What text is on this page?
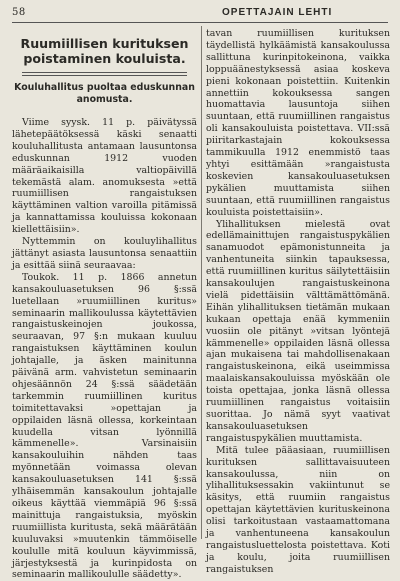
58	OPETTAJAIN LEHTI
Ruumiillisen kurituksen
poistaminen kouluista.
Kouluhallitus puoltaa eduskunnan
anomusta.

Viime syysk. 11 p. päivätyssä lähetepäätöksessä käski senaatti kouluhallitusta antamaan lausuntonsa eduskunnan 1912 vuoden määräaikaisilla valtiopäivillä tekemästä alam. anomuksesta »että ruumiillisen rangaistuksen käyttäminen valtion varoilla pitämissä ja kannattamissa kouluissa kokonaan kiellettäisiin».

Nyttemmin on kouluylihallitus jättänyt asiasta lausuntonsa senaattiin ja esittää siinä seuraavaa:

Toukok. 11 p. 1866 annetun kansakouluasetuksen 96 §:ssä luetellaan »ruumiillinen kuritus» seminaarin mallikoulussa käytettävien rangaistuskeinojen joukossa, seuraavan, 97 §:n mukaan kuuluu rangaistuksen käyttäminen koulun johtajalle, ja äsken mainitunna päivänä arm. vahvistetun seminaarin ohjesäännön 24 §:ssä säädetään tarkemmin ruumiillinen kuritus toimitettavaksi »opettajan ja oppilaiden läsnä ollessa, korkeintaan kuudella vitsan lyönnillä kämmenelle». Varsinaisiin kansakouluihin nähden taas myönnetään voimassa olevan kansakouluasetuksen 141 §:ssä ylhäisemmän kansakoulun johtajalle oikeus käyttää viemmäpiä 96 §:ssä mainittuja rangaistuksia, myöskin ruumiillista kuritusta, sekä määrätään kuuluvaksi »muutenkin tämmöiselle koululle mitä kouluun käyvimmissä, järjestyksestä ja kurinpidosta on seminaarin mallikoululle säädetty».

tavan ruumiillisen kurituksen täydellistä hylkäämistä kansakoulussa sallittuna kurinpitokeinona, vaikka loppuäänestyksessä asiaa koskeva pieni kokonaan poistettiin. Kuitenkin annettiin kokouksessa sangen huomattavia lausuntoja siihen suuntaan, että ruumiillinen rangaistus oli kansakouluista poistettava. VII:ssä piiritarkastajain kokouksessa tammikuulla 1912 enemmistö taas yhtyi esittämään »rangaistusta koskevien kansakouluasetuksen pykälien muuttamista siihen suuntaan, että ruumiillinen rangaistus kouluista poistettaisiin».

Ylihallituksen mielestä ovat edellämainittujen rangaistuspykälien sanamuodot epämonistunneita ja vanhentuneita siinkin tapauksessa, että ruumiillinen kuritus säilytettäisiin kansakoulujen rangaistuskeinona vielä pidettäisiin välttämättömänä. Eihän ylihallituksen tietämän mukaan kukaan opettaja enää kymmeniin vuosiin ole pitänyt »vitsan lyöntejä kämmenelle» oppilaiden läsnä ollessa ajan mukaisena tai mahdollisenakaan rangaistuskeinona, eikä useimmissa maalaiskansakouluissa myöskään ole toista opettajaa, jonka läsnä ollessa ruumiillinen rangaistus voitaisiin suorittaa. Jo nämä syyt vaativat kansakouluasetuksen rangaistuspykälien muuttamista.

Mitä tulee pääasiaan, ruumiillisen kurituksen sallittavaisuuteen kansakoulussa, niin on ylihallituksessakin vakiintunut se käsitys, että ruumiin rangaistus opettajan käytettävien kurituskeinona olisi tarkoitustaan vastaamattomana ja vanhentuneena kansakoulun rangaistusluettelosta poistettava. Koti ja koulu, joita ruumiillisen rangaistuksen
